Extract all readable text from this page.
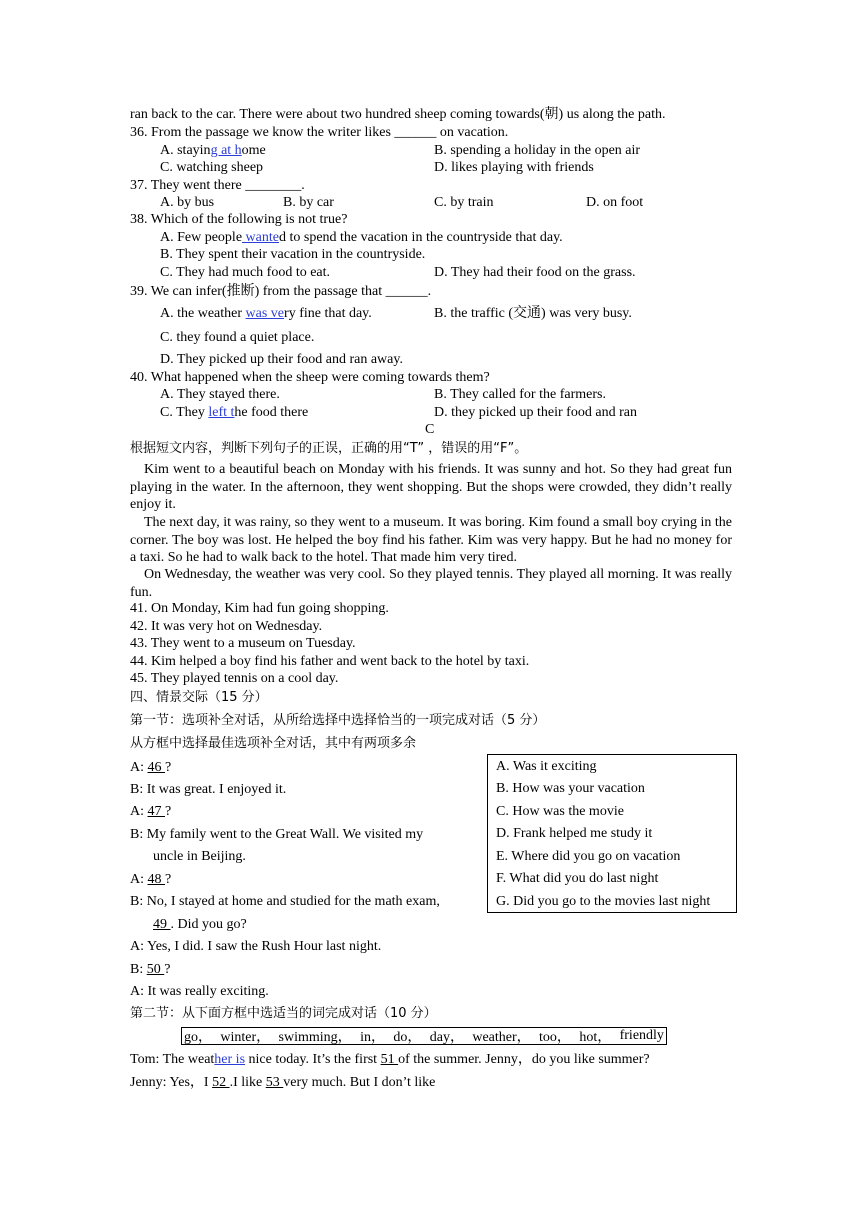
ran back to the car. There were about two hundred sheep coming towards(朝) us along the path.
36. From the passage we know the writer likes ______ on vacation.
A. staying at home	B. spending a holiday in the open air
C. watching sheep	D. likes playing with friends
37. They went there ________.
A. by bus	B. by car	C. by train	D. on foot
38. Which of the following is not true?
A. Few people wanted to spend the vacation in the countryside that day.
B. They spent their vacation in the countryside.
C. They had much food to eat.	D. They had their food on the grass.
39. We can infer(推断) from the passage that ______.
A. the weather was very fine that day.	B. the traffic (交通) was very busy.
C. they found a quiet place.
D. They picked up their food and ran away.
40. What happened when the sheep were coming towards them?
A. They stayed there.	B. They called for the farmers.
C. They left the food there	D. they picked up their food and ran
C
根据短文内容，判断下列句子的正误，正确的用“T” ，错误的用“F”。
Kim went to a beautiful beach on Monday with his friends. It was sunny and hot. So they had great fun playing in the water. In the afternoon, they went shopping. But the shops were crowded, they didn’t really enjoy it.
The next day, it was rainy, so they went to a museum. It was boring. Kim found a small boy crying in the corner. The boy was lost. He helped the boy find his father. Kim was very happy. But he had no money for a taxi. So he had to walk back to the hotel. That made him very tired.
On Wednesday, the weather was very cool. So they played tennis. They played all morning. It was really fun.
41. On Monday, Kim had fun going shopping.
42. It was very hot on Wednesday.
43. They went to a museum on Tuesday.
44. Kim helped a boy find his father and went back to the hotel by taxi.
45. They played tennis on a cool day.
四、情景交际（15 分）
第一节：选项补全对话，从所给选择中选择恰当的一项完成对话（5 分）
从方框中选择最佳选项补全对话，其中有两项多余
A: 46 ?
B: It was great. I enjoyed it.
A: 47 ?
B: My family went to the Great Wall. We visited my
uncle in Beijing.
A: 48 ?
B: No, I stayed at home and studied for the math exam,
49 . Did you go?
A: Yes, I did. I saw the Rush Hour last night.
B: 50 ?
A: It was really exciting.
A. Was it exciting
B. How was your vacation
C. How was the movie
D. Frank helped me study it
E. Where did you go on vacation
F. What did you do last night
G. Did you go to the movies last night
第二节：从下面方框中选适当的词完成对话（10 分）
go， winter， swimming， in， do， day， weather， too， hot， friendly
Tom: The weather is nice today. It’s the first 51 of the summer. Jenny，do you like summer?
Jenny: Yes，I 52 .I like 53 very much. But I don’t like
